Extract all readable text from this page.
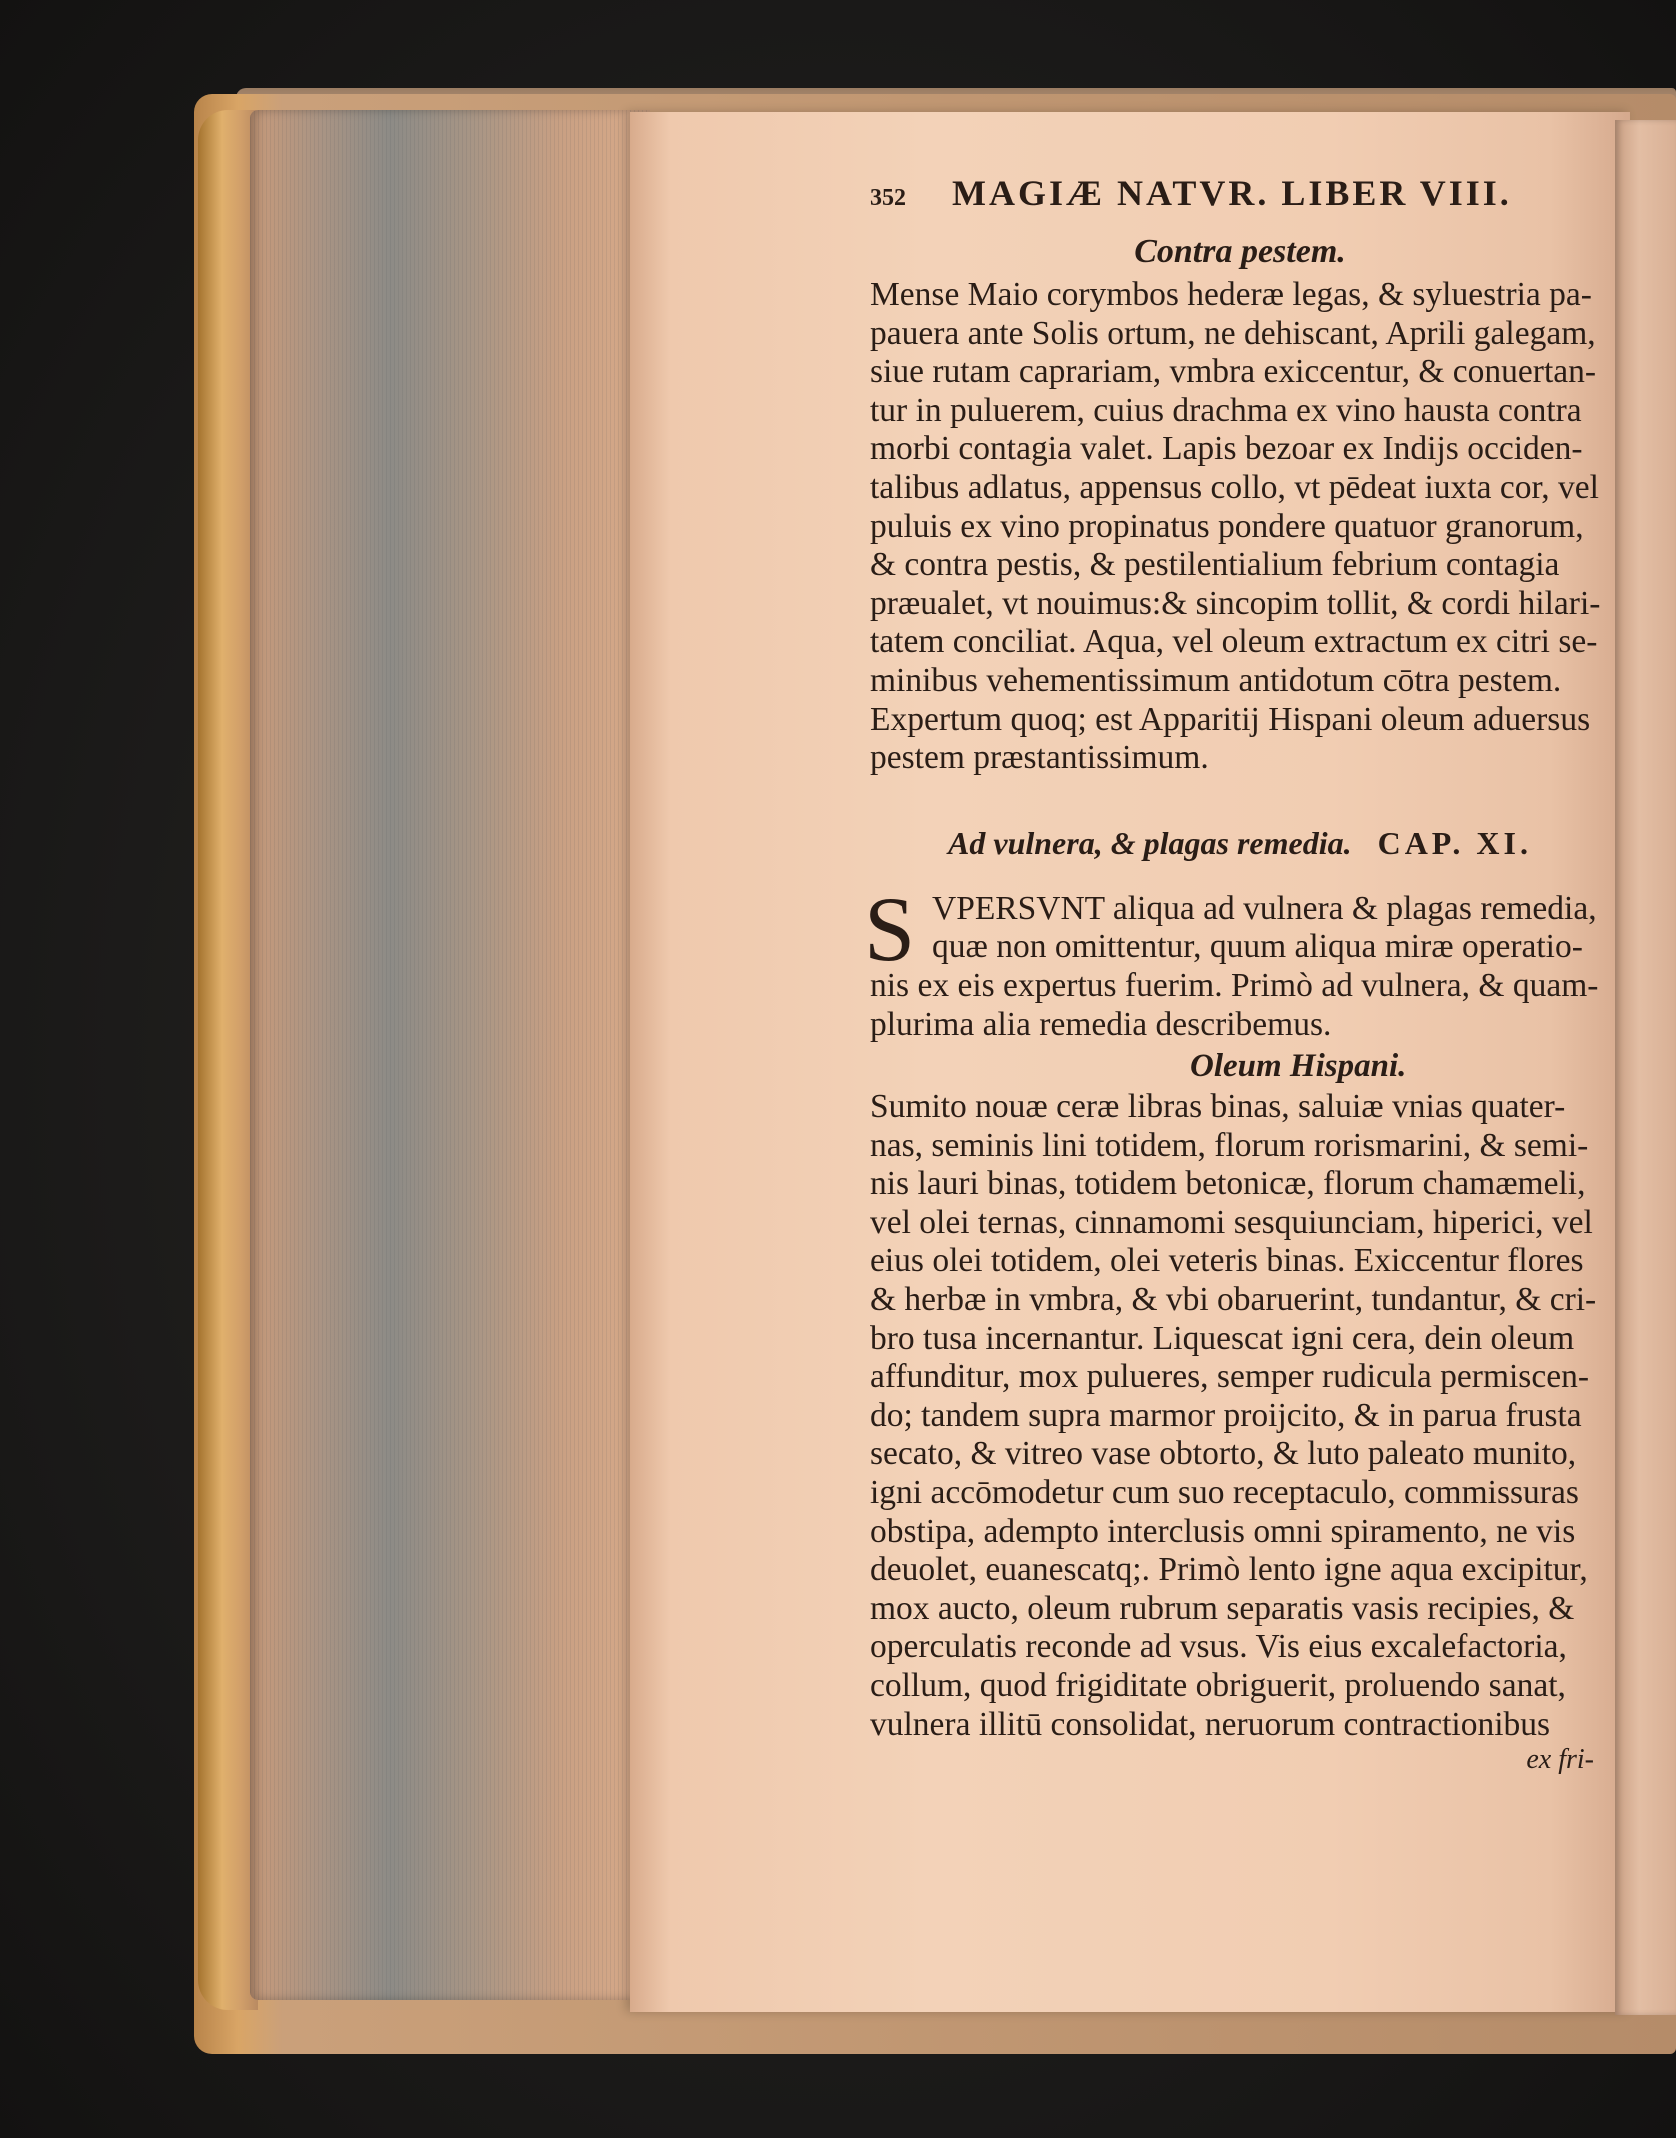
352	MAGIÆ NATVR. LIBER VIII.
Contra pestem.
Mense Maio corymbos hederæ legas, & syluestria pa-
pauera ante Solis ortum, ne dehiscant, Aprili galegam,
siue rutam caprariam, vmbra exiccentur, & conuertan-
tur in puluerem, cuius drachma ex vino hausta contra
morbi contagia valet. Lapis bezoar ex Indijs occiden-
talibus adlatus, appensus collo, vt pēdeat iuxta cor, vel
puluis ex vino propinatus pondere quatuor granorum,
& contra pestis, & pestilentialium febrium contagia
præualet, vt nouimus:& sincopim tollit, & cordi hilari-
tatem conciliat. Aqua, vel oleum extractum ex citri se-
minibus vehementissimum antidotum cōtra pestem.
Expertum quoq; est Apparitij Hispani oleum aduersus
pestem præstantissimum.
Ad vulnera, & plagas remedia. CAP. XI.
S VPERSVNT aliqua ad vulnera & plagas remedia,
quæ non omittentur, quum aliqua miræ operatio-
nis ex eis expertus fuerim. Primò ad vulnera, & quam-
plurima alia remedia describemus.
Oleum Hispani.
Sumito nouæ ceræ libras binas, saluiæ vnias quater-
nas, seminis lini totidem, florum rorismarini, & semi-
nis lauri binas, totidem betonicæ, florum chamæmeli,
vel olei ternas, cinnamomi sesquiunciam, hiperici, vel
eius olei totidem, olei veteris binas. Exiccentur flores
& herbæ in vmbra, & vbi obaruerint, tundantur, & cri-
bro tusa incernantur. Liquescat igni cera, dein oleum
affunditur, mox pulueres, semper rudicula permiscen-
do; tandem supra marmor proijcito, & in parua frusta
secato, & vitreo vase obtorto, & luto paleato munito,
igni accōmodetur cum suo receptaculo, commissuras
obstipa, adempto interclusis omni spiramento, ne vis
deuolet, euanescatq;. Primò lento igne aqua excipitur,
mox aucto, oleum rubrum separatis vasis recipies, &
operculatis reconde ad vsus. Vis eius excalefactoria,
collum, quod frigiditate obriguerit, proluendo sanat,
vulnera illitū consolidat, neruorum contractionibus
ex fri-
